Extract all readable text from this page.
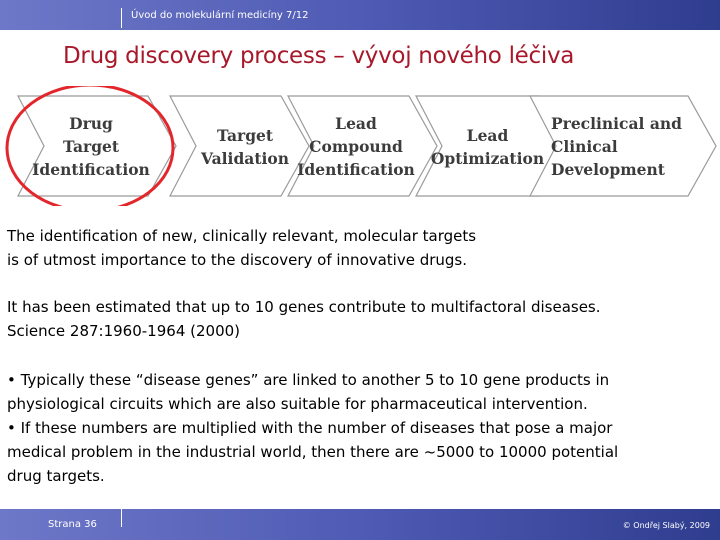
Úvod do molekulární medicíny 7/12
Drug discovery process – vývoj nového léčiva
Drug
Target
Identification
Target
Validation
Lead
Compound
Identification
Lead
Optimization
Preclinical and
Clinical
Development
The identification of new, clinically relevant, molecular targets
is of utmost importance to the discovery of innovative drugs.
It has been estimated that up to 10 genes contribute to multifactoral diseases.
Science 287:1960-1964 (2000)
• Typically these “disease genes” are linked to another 5 to 10 gene products in
physiological circuits which are also suitable for pharmaceutical intervention.
• If these numbers are multiplied with the number of diseases that pose a major
medical problem in the industrial world, then there are ~5000 to 10000 potential
drug targets.
Strana 36	© Ondřej Slabý, 2009
